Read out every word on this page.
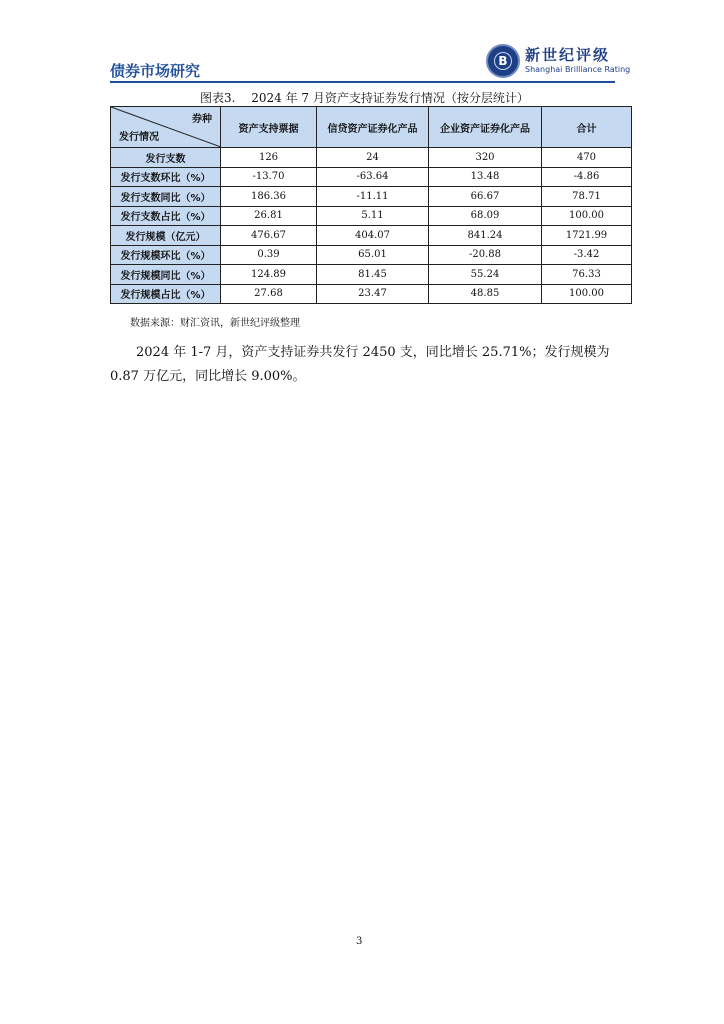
债券市场研究
B 新世纪评级
Shanghai Brilliance Rating
图表3.　 2024 年 7 月资产支持证券发行情况（按分层统计）
券种
发行情况	资产支持票据	信贷资产证券化产品	企业资产证券化产品	合计
发行支数	126	24	320	470
发行支数环比（%）	-13.70	-63.64	13.48	-4.86
发行支数同比（%）	186.36	-11.11	66.67	78.71
发行支数占比（%）	26.81	5.11	68.09	100.00
发行规模（亿元）	476.67	404.07	841.24	1721.99
发行规模环比（%）	0.39	65.01	-20.88	-3.42
发行规模同比（%）	124.89	81.45	55.24	76.33
发行规模占比（%）	27.68	23.47	48.85	100.00
数据来源：财汇资讯，新世纪评级整理
  2024 年 1-7 月，资产支持证券共发行 2450 支，同比增长 25.71%；发行规模为 0.87 万亿元，同比增长 9.00%。
3
